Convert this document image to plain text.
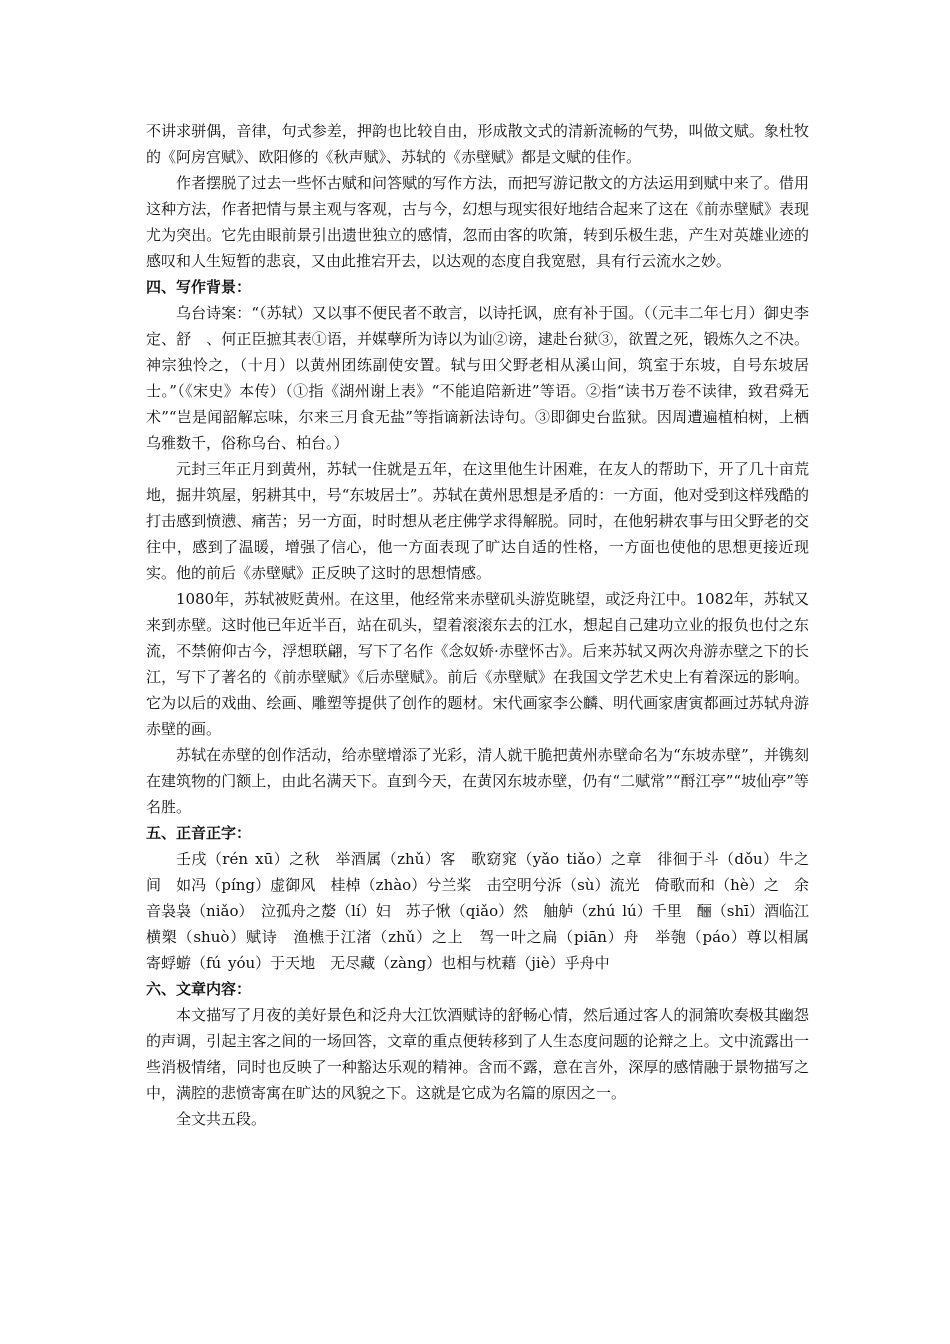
不讲求骈偶，音律，句式参差，押韵也比较自由，形成散文式的清新流畅的气势，叫做文赋。象杜牧的《阿房宫赋》、欧阳修的《秋声赋》、苏轼的《赤壁赋》都是文赋的佳作。

作者摆脱了过去一些怀古赋和问答赋的写作方法，而把写游记散文的方法运用到赋中来了。借用这种方法，作者把情与景主观与客观，古与今，幻想与现实很好地结合起来了这在《前赤壁赋》表现尤为突出。它先由眼前景引出遗世独立的感情，忽而由客的吹箫，转到乐极生悲，产生对英雄业迹的感叹和人生短暂的悲哀，又由此推宕开去，以达观的态度自我宽慰，具有行云流水之妙。

四、写作背景：

乌台诗案：“（苏轼）又以事不便民者不敢言，以诗托讽，庶有补于国。（（元丰二年七月）御史李定、舒　、何正臣摭其表①语，并媒孽所为诗以为讪②谤，逮赴台狱③，欲置之死，锻炼久之不决。神宗独怜之，（十月）以黄州团练副使安置。轼与田父野老相从溪山间，筑室于东坡，自号东坡居士。”（《宋史》本传）（①指《湖州谢上表》“不能追陪新进”等语。②指“读书万卷不读律，致君舜无术”“岂是闻韶解忘味，尔来三月食无盐”等指谪新法诗句。③即御史台监狱。因周遭遍植柏树，上栖乌雅数千，俗称乌台、柏台。）

元封三年正月到黄州，苏轼一住就是五年，在这里他生计困难，在友人的帮助下，开了几十亩荒地，掘井筑屋，躬耕其中，号“东坡居士”。苏轼在黄州思想是矛盾的：一方面，他对受到这样残酷的打击感到愤懑、痛苦；另一方面，时时想从老庄佛学求得解脱。同时，在他躬耕农事与田父野老的交往中，感到了温暖，增强了信心，他一方面表现了旷达自适的性格，一方面也使他的思想更接近现实。他的前后《赤壁赋》正反映了这时的思想情感。

1080年，苏轼被贬黄州。在这里，他经常来赤壁矶头游览眺望，或泛舟江中。1082年，苏轼又来到赤壁。这时他已年近半百，站在矶头，望着滚滚东去的江水，想起自己建功立业的报负也付之东流，不禁俯仰古今，浮想联翩，写下了名作《念奴娇·赤壁怀古》。后来苏轼又两次舟游赤壁之下的长江，写下了著名的《前赤壁赋》《后赤壁赋》。前后《赤壁赋》在我国文学艺术史上有着深远的影响。它为以后的戏曲、绘画、雕塑等提供了创作的题材。宋代画家李公麟、明代画家唐寅都画过苏轼舟游赤壁的画。

苏轼在赤壁的创作活动，给赤壁增添了光彩，清人就干脆把黄州赤壁命名为“东坡赤壁”，并镌刻在建筑物的门额上，由此名满天下。直到今天，在黄冈东坡赤壁，仍有“二赋常”“酹江亭”“坡仙亭”等名胜。

五、正音正字：

壬戌（rén xū）之秋　举酒属（zhǔ）客　歌窈窕（yǎo tiǎo）之章　徘徊于斗（dǒu）牛之间　如冯（píng）虚御风　桂棹（zhào）兮兰桨　击空明兮泝（sù）流光　倚歌而和（hè）之　余音袅袅（niǎo）　泣孤舟之嫠（lí）妇　苏子愀（qiǎo）然　舳舻（zhú lú）千里　酾（shī）酒临江 横槊（shuò）赋诗　渔樵于江渚（zhǔ）之上　驾一叶之扁（piān）舟　举匏（páo）尊以相属　寄蜉蝣（fú yóu）于天地　无尽藏（zàng）也相与枕藉（jiè）乎舟中

六、文章内容：

本文描写了月夜的美好景色和泛舟大江饮酒赋诗的舒畅心情，然后通过客人的洞箫吹奏极其幽怨的声调，引起主客之间的一场回答，文章的重点便转移到了人生态度问题的论辩之上。文中流露出一些消极情绪，同时也反映了一种豁达乐观的精神。含而不露，意在言外，深厚的感情融于景物描写之中，满腔的悲愤寄寓在旷达的风貌之下。这就是它成为名篇的原因之一。

全文共五段。
